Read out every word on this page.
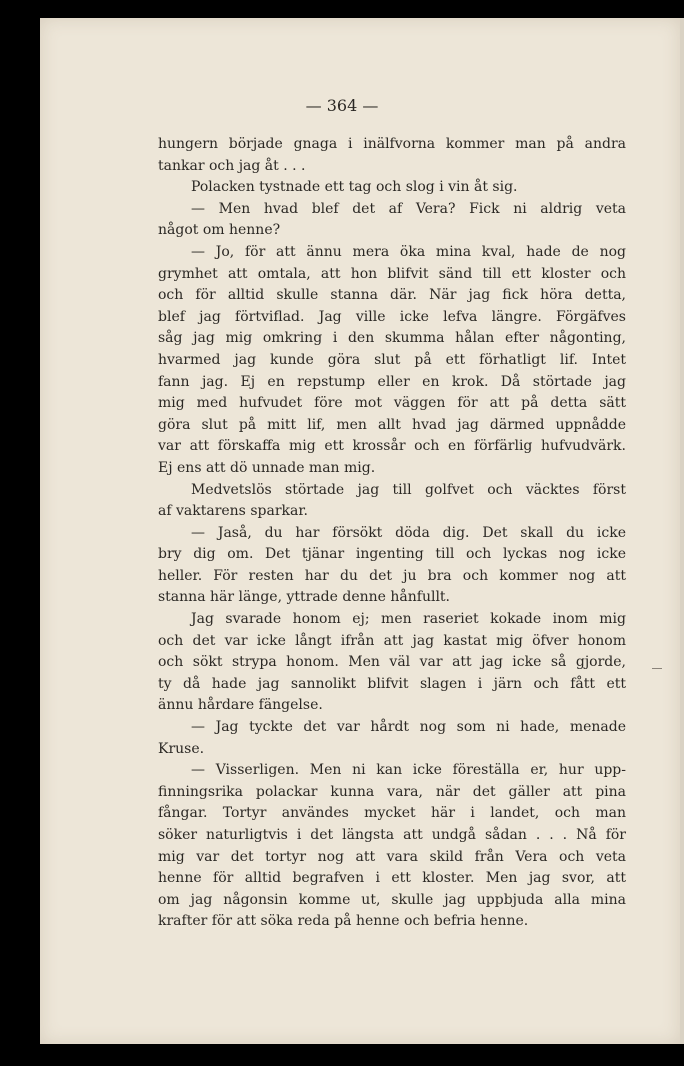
— 364 —
hungern började gnaga i inälfvorna kommer man på andra
tankar och jag åt . . .
Polacken tystnade ett tag och slog i vin åt sig.
— Men hvad blef det af Vera? Fick ni aldrig veta
något om henne?
— Jo, för att ännu mera öka mina kval, hade de nog
grymhet att omtala, att hon blifvit sänd till ett kloster och
och för alltid skulle stanna där. När jag fick höra detta,
blef jag förtviflad. Jag ville icke lefva längre. Förgäfves
såg jag mig omkring i den skumma hålan efter någonting,
hvarmed jag kunde göra slut på ett förhatligt lif. Intet
fann jag. Ej en repstump eller en krok. Då störtade jag
mig med hufvudet före mot väggen för att på detta sätt
göra slut på mitt lif, men allt hvad jag därmed uppnådde
var att förskaffa mig ett krossår och en förfärlig hufvudvärk.
Ej ens att dö unnade man mig.
Medvetslös störtade jag till golfvet och väcktes först
af vaktarens sparkar.
— Jaså, du har försökt döda dig. Det skall du icke
bry dig om. Det tjänar ingenting till och lyckas nog icke
heller. För resten har du det ju bra och kommer nog att
stanna här länge, yttrade denne hånfullt.
Jag svarade honom ej; men raseriet kokade inom mig
och det var icke långt ifrån att jag kastat mig öfver honom
och sökt strypa honom. Men väl var att jag icke så gjorde,
ty då hade jag sannolikt blifvit slagen i järn och fått ett
ännu hårdare fängelse.
— Jag tyckte det var hårdt nog som ni hade, menade
Kruse.
— Visserligen. Men ni kan icke föreställa er, hur upp-
finningsrika polackar kunna vara, när det gäller att pina
fångar. Tortyr användes mycket här i landet, och man
söker naturligtvis i det längsta att undgå sådan . . . Nå för
mig var det tortyr nog att vara skild från Vera och veta
henne för alltid begrafven i ett kloster. Men jag svor, att
om jag någonsin komme ut, skulle jag uppbjuda alla mina
krafter för att söka reda på henne och befria henne.
